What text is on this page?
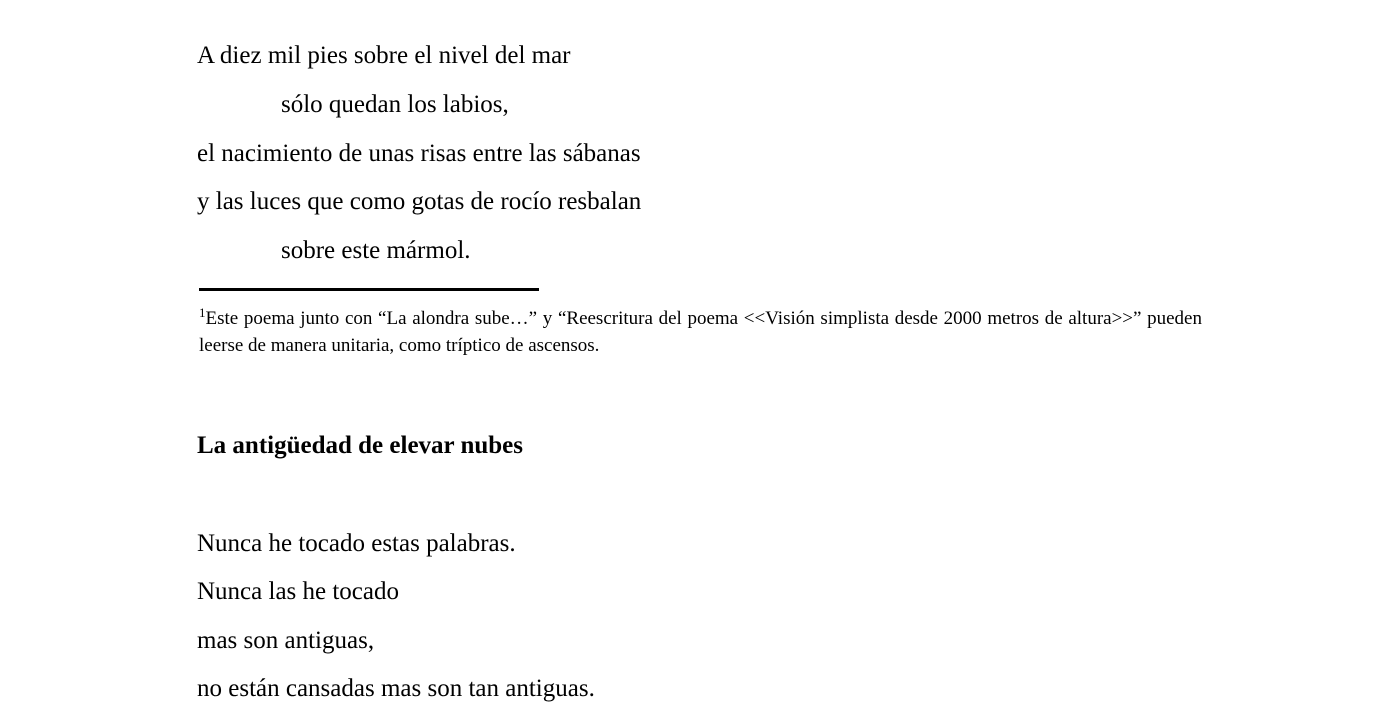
A diez mil pies sobre el nivel del mar
sólo quedan los labios,
el nacimiento de unas risas entre las sábanas
y las luces que como gotas de rocío resbalan
sobre este mármol.
$^1$Este poema junto con “La alondra sube…” y “Reescritura del poema <<Visión simplista desde 2000 metros de altura>>” pueden leerse de manera unitaria, como tríptico de ascensos.
La antigüedad de elevar nubes
Nunca he tocado estas palabras.
Nunca las he tocado
mas son antiguas,
no están cansadas mas son tan antiguas.
